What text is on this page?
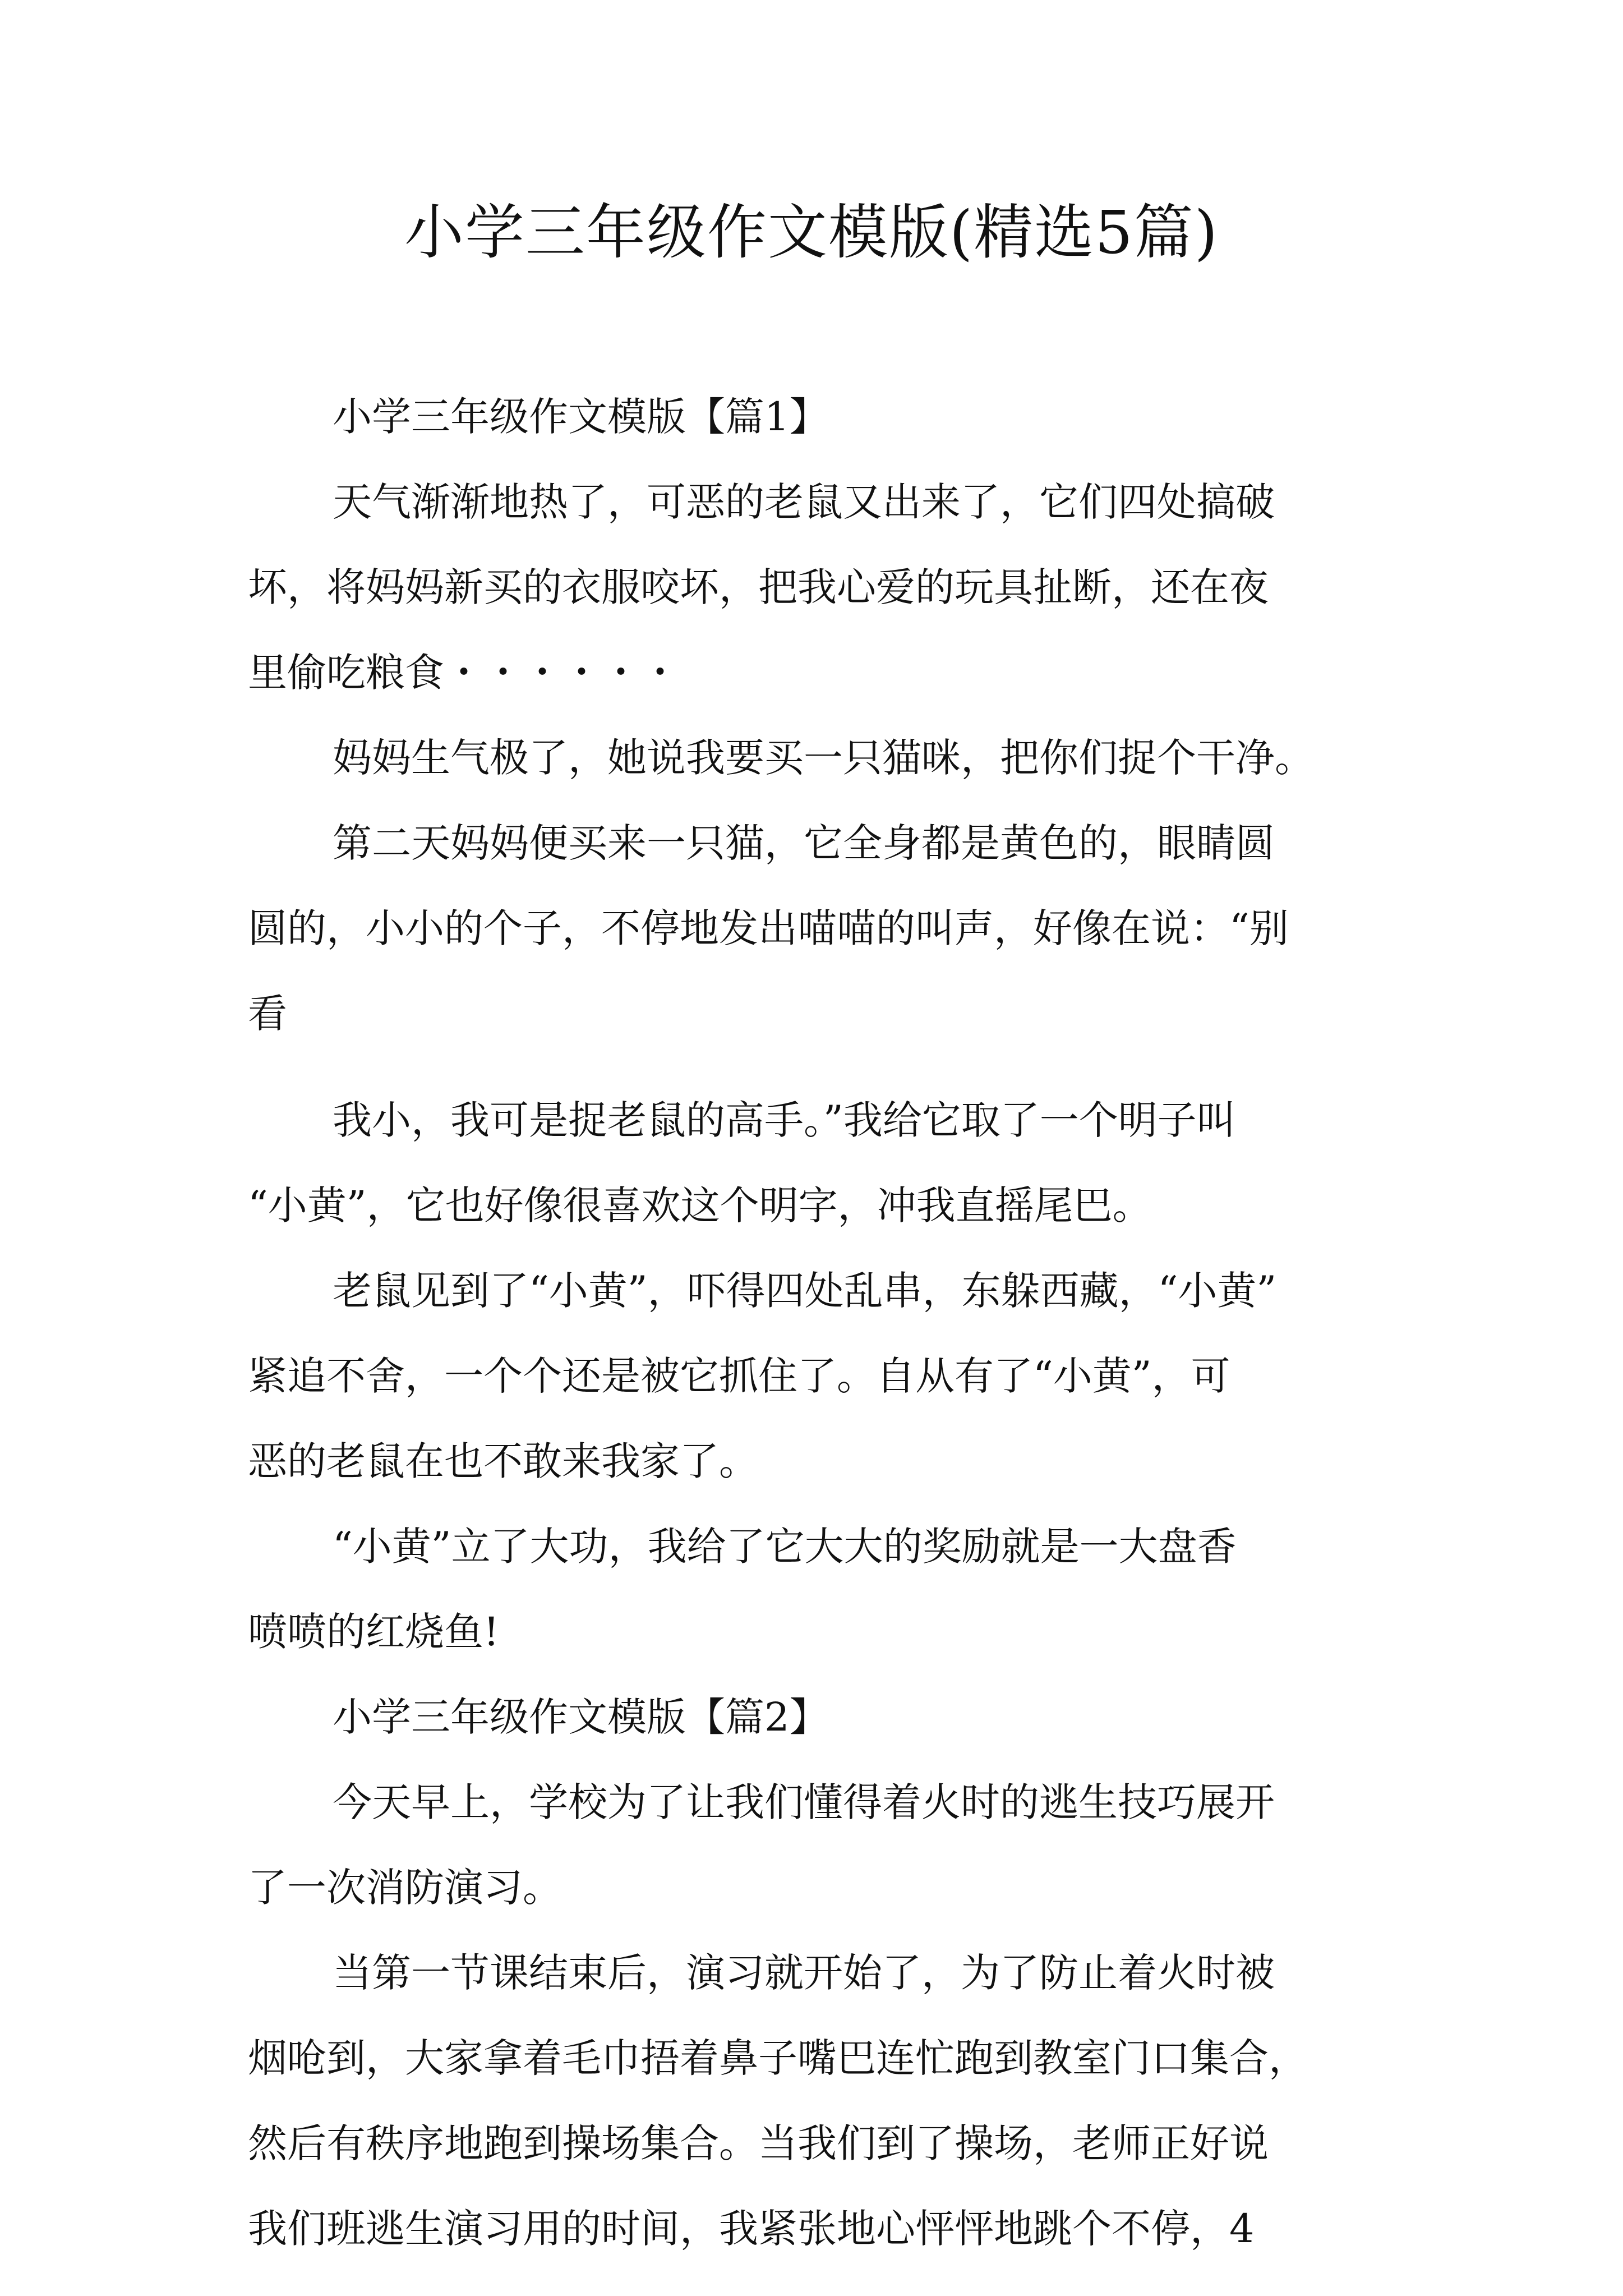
小学三年级作文模版(精选5篇)
小学三年级作文模版【篇1】
天气渐渐地热了，可恶的老鼠又出来了，它们四处搞破
坏，将妈妈新买的衣服咬坏，把我心爱的玩具扯断，还在夜
里偷吃粮食・・・・・・
妈妈生气极了，她说我要买一只猫咪，把你们捉个干净。
第二天妈妈便买来一只猫，它全身都是黄色的，眼睛圆
圆的，小小的个子，不停地发出喵喵的叫声，好像在说：“别
看
我小，我可是捉老鼠的高手。”我给它取了一个明子叫
“小黄”，它也好像很喜欢这个明字，冲我直摇尾巴。
老鼠见到了“小黄”，吓得四处乱串，东躲西藏，“小黄”
紧追不舍，一个个还是被它抓住了。自从有了“小黄”，可
恶的老鼠在也不敢来我家了。
“小黄”立了大功，我给了它大大的奖励就是一大盘香
喷喷的红烧鱼!
小学三年级作文模版【篇2】
今天早上，学校为了让我们懂得着火时的逃生技巧展开
了一次消防演习。
当第一节课结束后，演习就开始了，为了防止着火时被
烟呛到，大家拿着毛巾捂着鼻子嘴巴连忙跑到教室门口集合，
然后有秩序地跑到操场集合。当我们到了操场，老师正好说
我们班逃生演习用的时间，我紧张地心怦怦地跳个不停，4
